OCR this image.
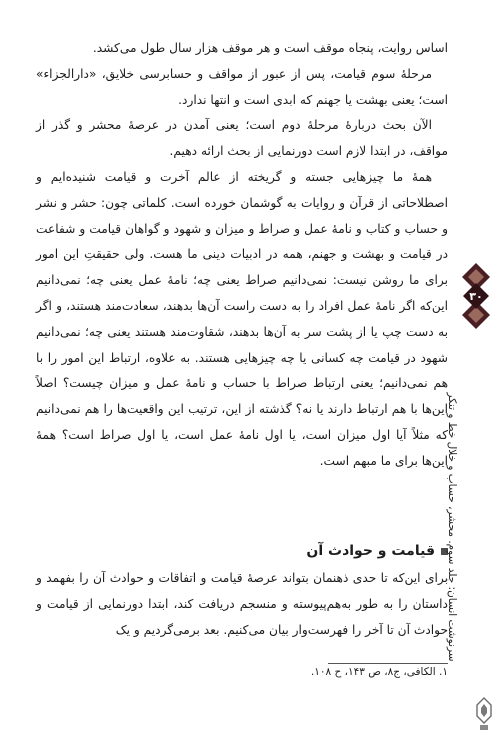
اساس روایت، پنجاه موقف است و هر موقف هزار سال طول می‌کشد.

مرحلهٔ سوم قیامت، پس از عبور از مواقف و حسابرسی خلایق، «دارالجزاء» است؛ یعنی بهشت یا جهنم که ابدی است و انتها ندارد.

الآن بحث دربارهٔ مرحلهٔ دوم است؛ یعنی آمدن در عرصهٔ محشر و گذر از مواقف، در ابتدا لازم است دورنمایی از بحث ارائه دهیم.

همهٔ ما چیزهایی جسته و گریخته از عالم آخرت و قیامت شنیده‌ایم و اصطلاحاتی از قرآن و روایات به گوشمان خورده است. کلماتی چون: حشر و نشر و حساب و کتاب و نامهٔ عمل و صراط و میزان و شهود و گواهان قیامت و شفاعت در قیامت و بهشت و جهنم، همه در ادبیات دینی ما هست. ولی حقیقتِ این امور برای ما روشن نیست: نمی‌دانیم صراط یعنی چه؛ نامهٔ عمل یعنی چه؛ نمی‌دانیم این‌که اگر نامهٔ عمل افراد را به دست راست آن‌ها بدهند، سعادت‌مند هستند، و اگر به دست چپ یا از پشت سر به آن‌ها بدهند، شقاوت‌مند هستند یعنی چه؛ نمی‌دانیم شهود در قیامت چه کسانی یا چه چیزهایی هستند. به علاوه، ارتباط این امور را با هم نمی‌دانیم؛ یعنی ارتباط صراط با حساب و نامهٔ عمل و میزان چیست؟ اصلاً این‌ها با هم ارتباط دارند یا نه؟ گذشته از این، ترتیب این واقعیت‌ها را هم نمی‌دانیم که مثلاً آیا اول میزان است، یا اول نامهٔ عمل است، یا اول صراط است؟ همهٔ این‌ها برای ما مبهم است.

قیامت و حوادث آن

برای این‌که تا حدی ذهنمان بتواند عرصهٔ قیامت و اتفاقات و حوادث آن را بفهمد و داستان را به طور به‌هم‌پیوسته و منسجم دریافت کند، ابتدا دورنمایی از قیامت و حوادث آن تا آخر را فهرست‌وار بیان می‌کنیم. بعد برمی‌گردیم و یک

۱. الکافی، ج۸، ص ۱۴۳، ح ۱۰۸.
۳۰
سرنوشت انسان: جلد سوم. محشر، حساب و خلال خط و تنکر
